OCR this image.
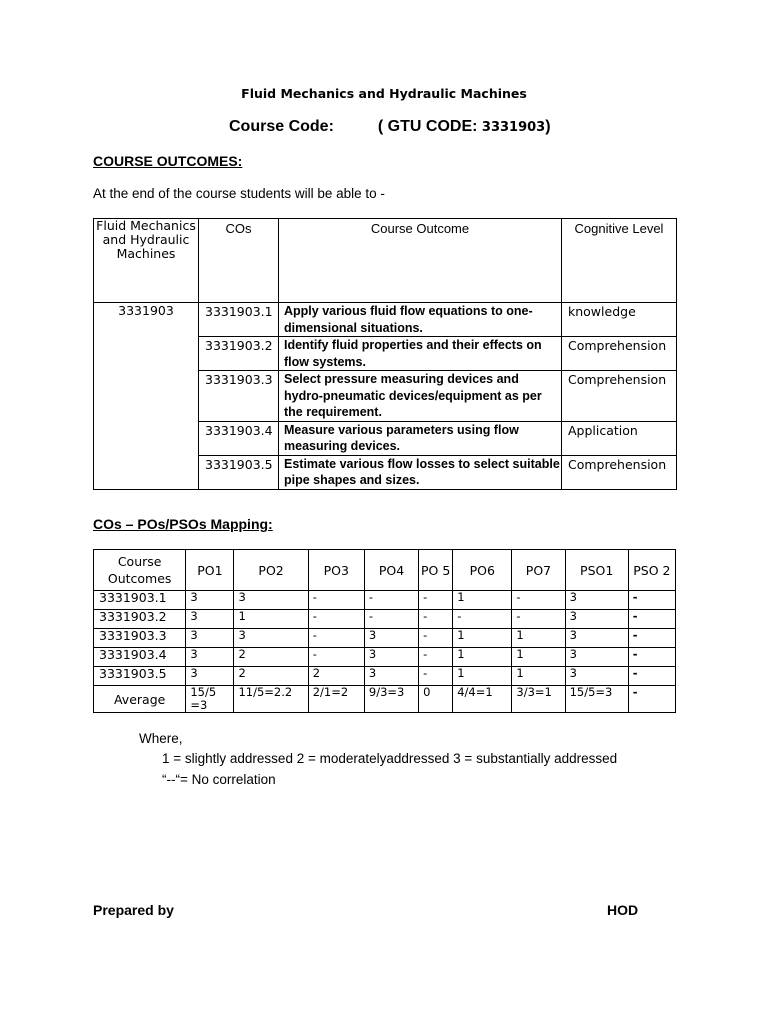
Fluid Mechanics and Hydraulic Machines
Course Code:	( GTU CODE: 3331903)
COURSE OUTCOMES:
At the end of the course students will be able to -
Fluid Mechanics and Hydraulic Machines	COs	Course Outcome	Cognitive Level
3331903	3331903.1	Apply various fluid flow equations to one-dimensional situations.	knowledge
	3331903.2	Identify fluid properties and their effects on flow systems.	Comprehension
	3331903.3	Select pressure measuring devices and hydro-pneumatic devices/equipment as per the requirement.	Comprehension
	3331903.4	Measure various parameters using flow measuring devices.	Application
	3331903.5	Estimate various flow losses to select suitable pipe shapes and sizes.	Comprehension
COs – POs/PSOs Mapping:
Course Outcomes	PO1	PO2	PO3	PO4	PO 5	PO6	PO7	PSO1	PSO 2
3331903.1	3	3	-	-	-	1	-	3	-
3331903.2	3	1	-	-	-	-	-	3	-
3331903.3	3	3	-	3	-	1	1	3	-
3331903.4	3	2	-	3	-	1	1	3	-
3331903.5	3	2	2	3	-	1	1	3	-
Average	15/5 =3	11/5=2.2	2/1=2	9/3=3	0	4/4=1	3/3=1	15/5=3	-
Where,
1 = slightly addressed 2 = moderatelyaddressed 3 = substantially addressed
“--“= No correlation
Prepared by	HOD
